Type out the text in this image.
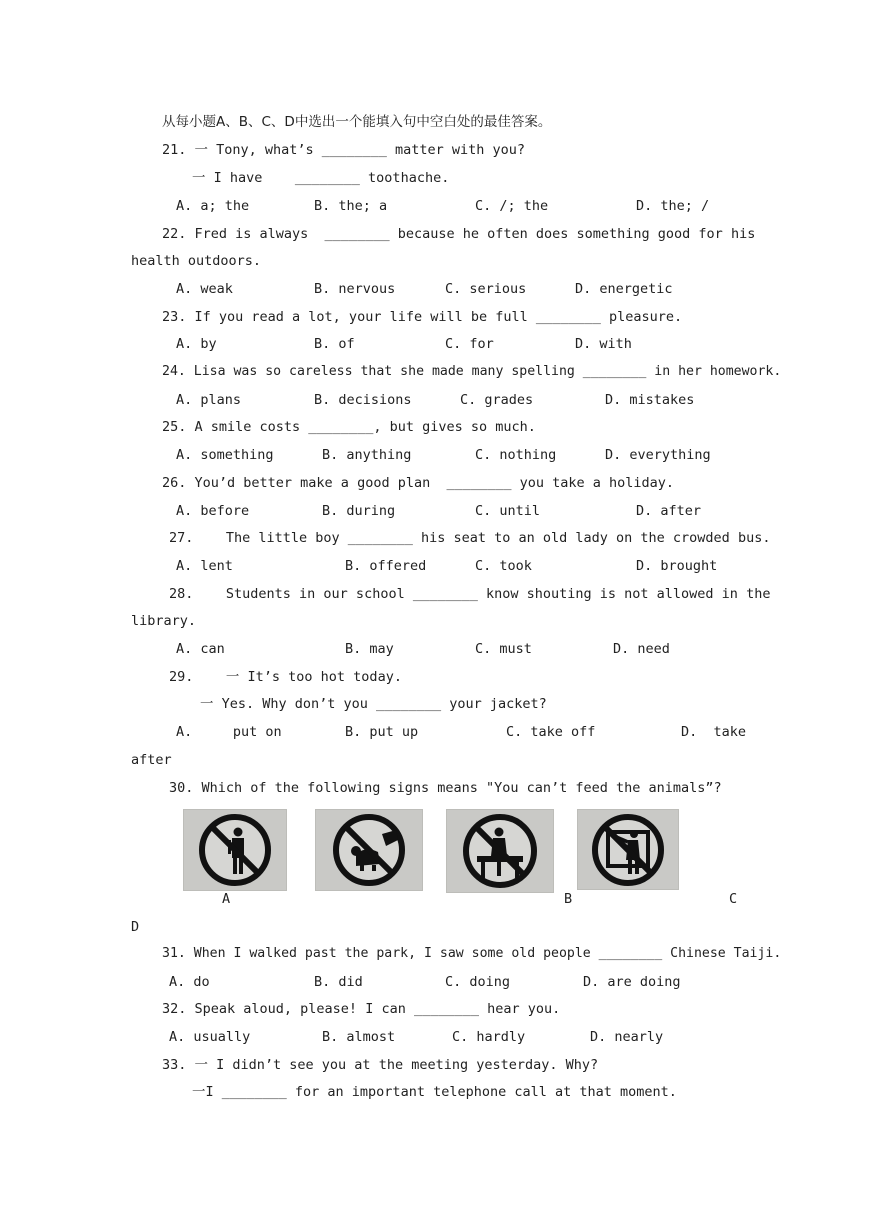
从每小题A、B、C、D中选出一个能填入句中空白处的最佳答案。
21. 一 Tony, what’s ________ matter with you?
一 I have    ________ toothache.
A. a; the	B. the; a	C. /; the	D. the; /
22. Fred is always  ________ because he often does something good for his
health outdoors.
A. weak	B. nervous	C. serious	D. energetic
23. If you read a lot, your life will be full ________ pleasure.
A. by	B. of	C. for	D. with
24. Lisa was so careless that she made many spelling ________ in her homework.
A. plans	B. decisions	C. grades	D. mistakes
25. A smile costs ________, but gives so much.
A. something	B. anything	C. nothing	D. everything
26. You’d better make a good plan  ________ you take a holiday.
A. before	B. during	C. until	D. after
27.    The little boy ________ his seat to an old lady on the crowded bus.
A. lent	B. offered	C. took	D. brought
28.    Students in our school ________ know shouting is not allowed in the
library.
A. can	B. may	C. must	D. need
29.    一 It’s too hot today.
一 Yes. Why don’t you ________ your jacket?
A.     put on	B. put up	C. take off	D.  take
after
30. Which of the following signs means "You can’t feed the animals”?
A	B	C
D
31. When I walked past the park, I saw some old people ________ Chinese Taiji.
A. do	B. did	C. doing	D. are doing
32. Speak aloud, please! I can ________ hear you.
A. usually	B. almost	C. hardly	D. nearly
33. 一 I didn’t see you at the meeting yesterday. Why?
一I ________ for an important telephone call at that moment.
